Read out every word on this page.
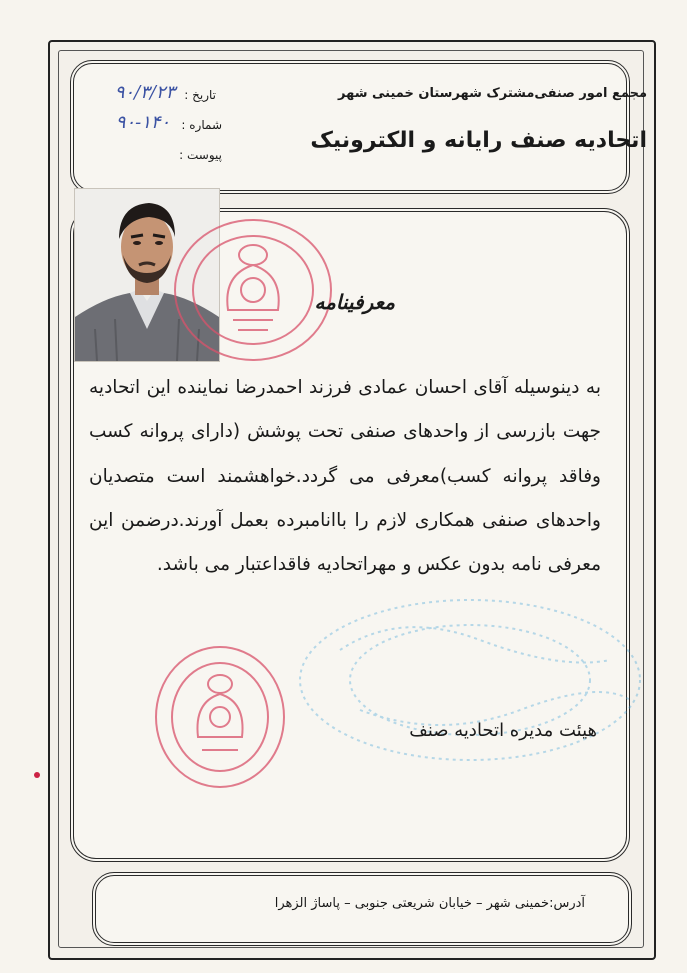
مجمع امور صنفی‌مشترک شهرستان خمینی شهر
اتحادیه صنف رایانه و الکترونیک
تاریخ :
۹۰/۳/۲۳
شماره :
۹۰-۱۴۰
پیوست :
معرفینامه
به دینوسیله آقای احسان عمادی فرزند احمدرضا نماینده این اتحادیه جهت بازرسی از واحدهای صنفی تحت پوشش (دارای پروانه کسب وفاقد پروانه کسب)معرفی می گردد.خواهشمند است متصدیان واحدهای صنفی همکاری لازم را باانامبرده بعمل آورند.درضمن این معرفی نامه بدون عکس و مهراتحادیه فاقداعتبار می باشد.
هیئت مدیره اتحادیه صنف
آدرس:خمینی شهر – خیابان شریعتی جنوبی – پاساژ الزهرا
